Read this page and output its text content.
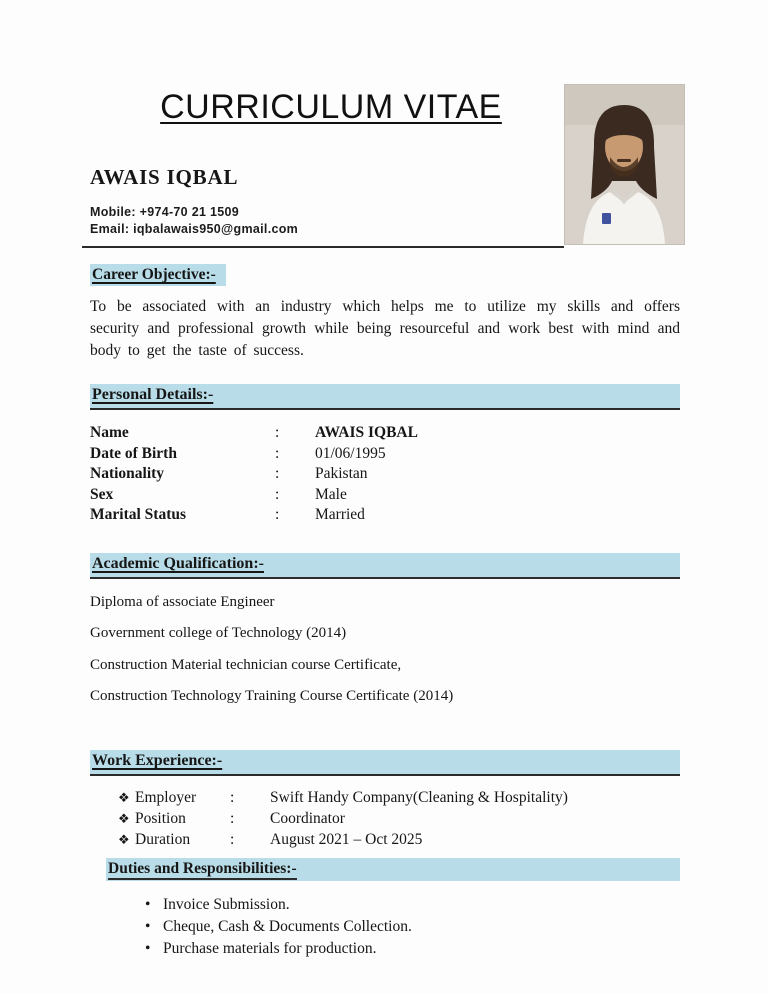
CURRICULUM VITAE
AWAIS IQBAL
Mobile: +974-70 21 1509
Email: iqbalawais950@gmail.com
Career Objective:-

To be associated with an industry which helps me to utilize my skills and offers security and professional growth while being resourceful and work best with mind and body to get the taste of success.

Personal Details:-
Name	:	AWAIS IQBAL
Date of Birth	:	01/06/1995
Nationality	:	Pakistan
Sex	:	Male
Marital Status	:	Married
Academic Qualification:-

Diploma of associate Engineer

Government college of Technology (2014)

Construction Material technician course Certificate,

Construction Technology Training Course Certificate (2014)

Work Experience:-
❖ Employer	:	Swift Handy Company(Cleaning & Hospitality)
❖ Position	:	Coordinator
❖ Duration	:	August 2021 – Oct 2025
Duties and Responsibilities:-
• Invoice Submission.
• Cheque, Cash & Documents Collection.
• Purchase materials for production.
